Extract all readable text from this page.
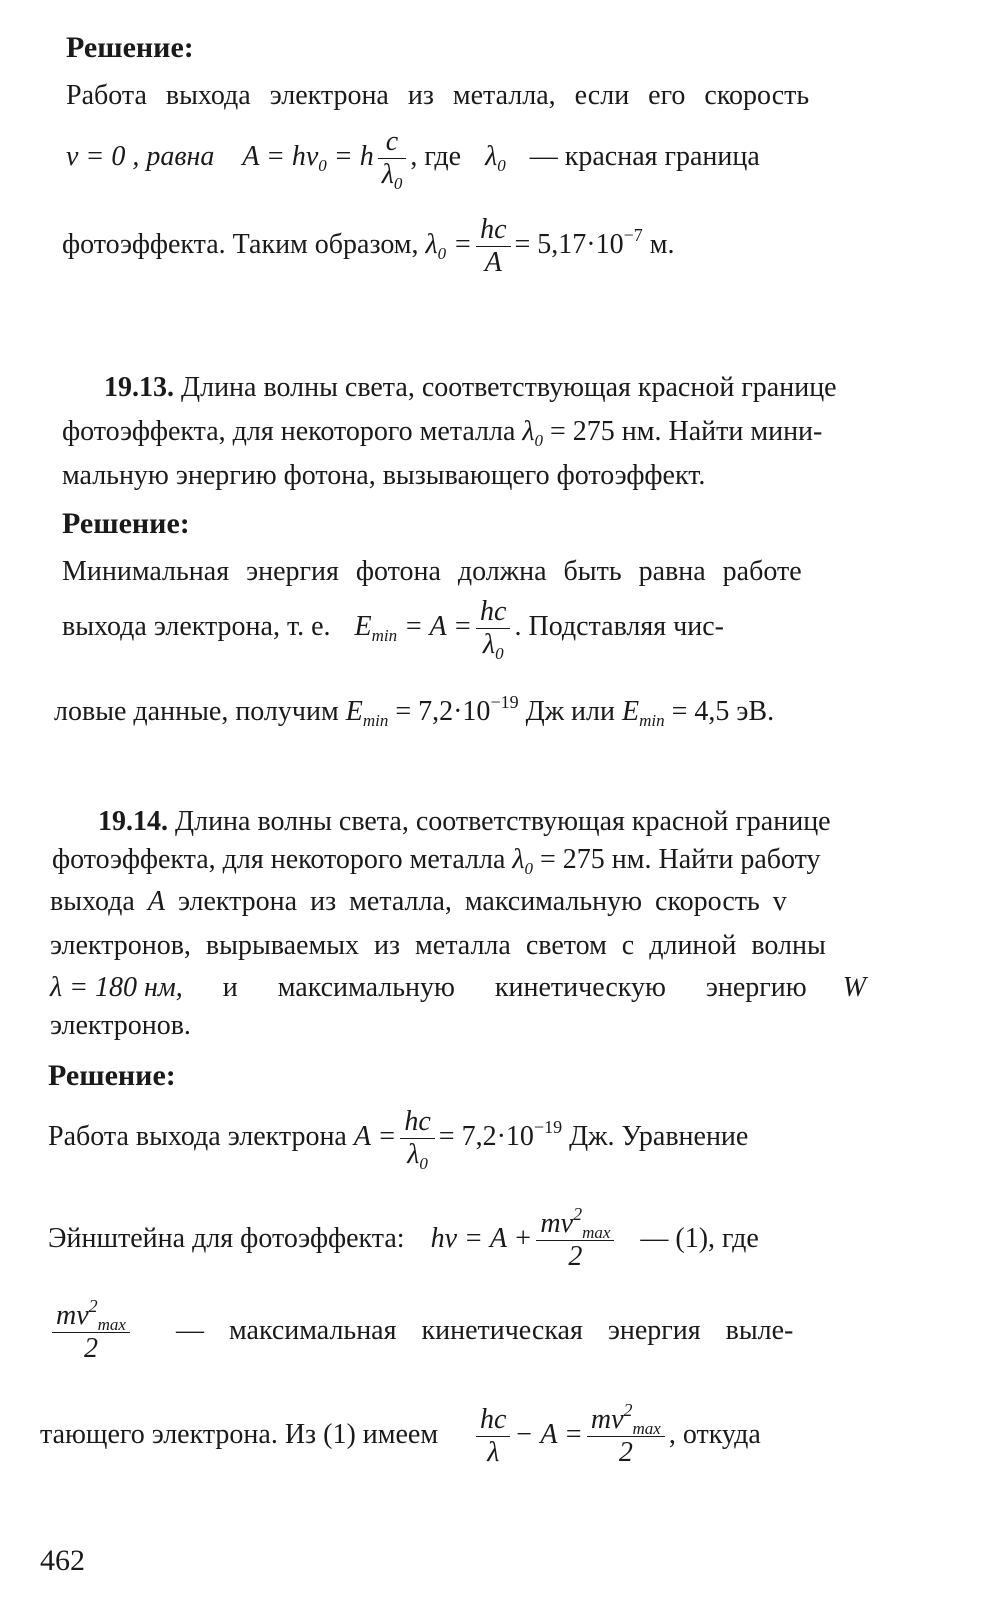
Решение:
Работа выхода электрона из металла, если его скорость
v = 0 , равна $A = h\nu_0 = h \frac{c}{\lambda_0}$ , где $\lambda_0$ — красная граница
фотоэффекта. Таким образом, $\lambda_0 = \frac{hc}{A} = 5,17\cdot 10^{-7}$ м.
19.13. Длина волны света, соответствующая красной границе
фотоэффекта, для некоторого металла $\lambda_0 = 275$ нм. Найти мини-
мальную энергию фотона, вызывающего фотоэффект.
Решение:
Минимальная энергия фотона должна быть равна работе
выхода электрона, т. е. $E_{min} = A = \frac{hc}{\lambda_0}$ . Подставляя чис-
ловые данные, получим $E_{min} = 7,2\cdot 10^{-19}$ Дж или $E_{min} = 4,5$ эВ.
19.14. Длина волны света, соответствующая красной границе
фотоэффекта, для некоторого металла $\lambda_0 = 275$ нм. Найти работу
выхода A электрона из металла, максимальную скорость v
электронов, вырываемых из металла светом с длиной волны
λ = 180 нм, и максимальную кинетическую энергию W
электронов.
Решение:
Работа выхода электрона $A = \frac{hc}{\lambda_0} = 7,2\cdot 10^{-19}$ Дж. Уравнение
Эйнштейна для фотоэффекта: $h\nu = A + \frac{mv^2_{max}}{2}$ — (1), где
$\frac{mv^2_{max}}{2}$ — максимальная кинетическая энергия выле-
тающего электрона. Из (1) имеем $\frac{hc}{\lambda} - A = \frac{mv^2_{max}}{2}$ , откуда
462
